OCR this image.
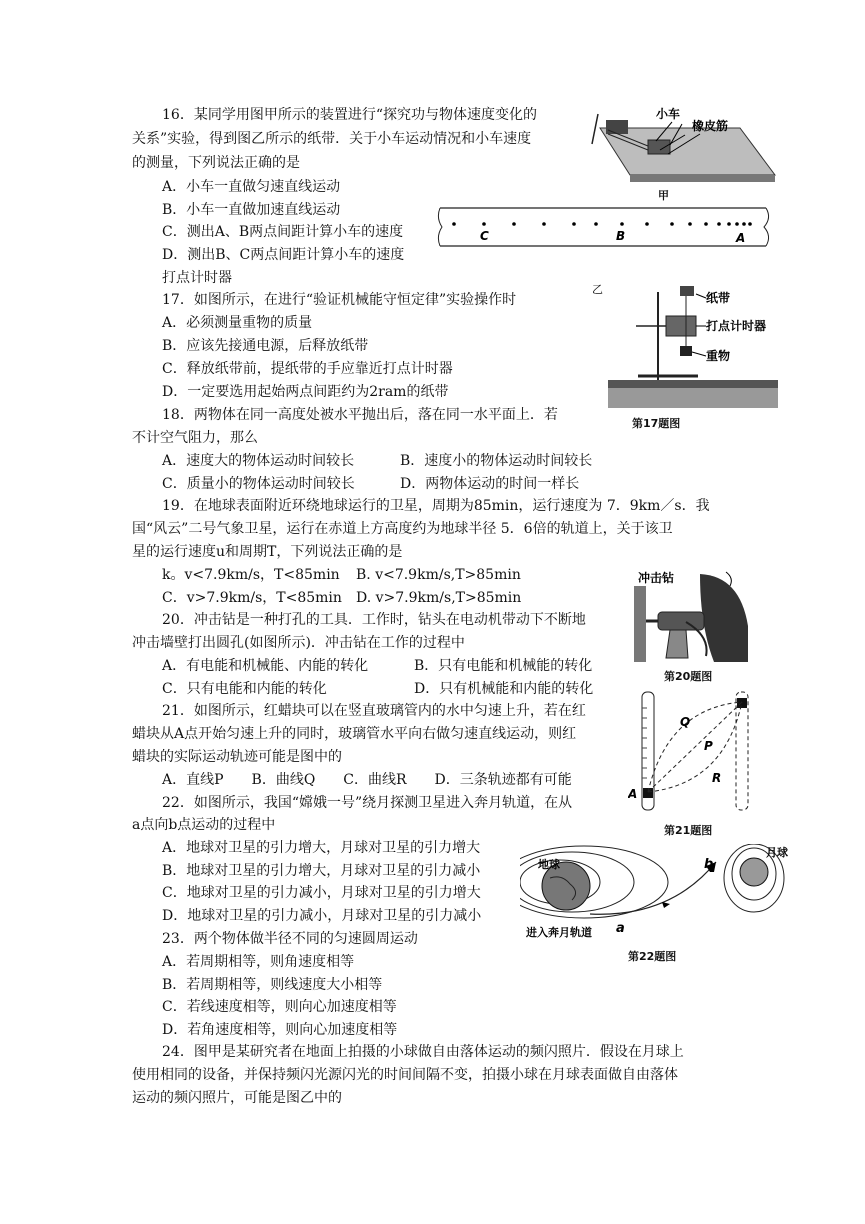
16．某同学用图甲所示的装置进行“探究功与物体速度变化的
关系”实验，得到图乙所示的纸带．关于小车运动情况和小车速度
的测量，下列说法正确的是
A．小车一直做匀速直线运动
B．小车一直做加速直线运动
C．测出A、B两点间距计算小车的速度
D．测出B、C两点间距计算小车的速度
打点计时器
小车
橡皮筋
甲
C	B	A
乙
17．如图所示，在进行“验证机械能守恒定律”实验操作时
A．必须测量重物的质量
B．应该先接通电源，后释放纸带
C．释放纸带前，提纸带的手应靠近打点计时器
D．一定要选用起始两点间距约为2ram的纸带
纸带
打点计时器
重物
第17题图
18．两物体在同一高度处被水平抛出后，落在同一水平面上．若
不计空气阻力，那么
A．速度大的物体运动时间较长	B．速度小的物体运动时间较长
C．质量小的物体运动时间较长	D．两物体运动的时间一样长
19．在地球表面附近环绕地球运行的卫星，周期为85min，运行速度为 7．9km／s．我
国“风云”二号气象卫星，运行在赤道上方高度约为地球半径 5．6倍的轨道上，关于该卫
星的运行速度u和周期T，下列说法正确的是
k。v<7.9km/s，T<85min B. v<7.9km/s,T>85min
C．v>7.9km/s，T<85min D. v>7.9km/s,T>85min
20．冲击钻是一种打孔的工具．工作时，钻头在电动机带动下不断地
冲击墙壁打出圆孔(如图所示)．冲击钻在工作的过程中
A．有电能和机械能、内能的转化	B．只有电能和机械能的转化
C．只有电能和内能的转化	D．只有机械能和内能的转化
冲击钻
第20题图
21．如图所示，红蜡块可以在竖直玻璃管内的水中匀速上升，若在红
蜡块从A点开始匀速上升的同时，玻璃管水平向右做匀速直线运动，则红
蜡块的实际运动轨迹可能是图中的
A．直线P　　B．曲线Q　　C．曲线R　　D．三条轨迹都有可能
Q
P
R
A
第21题图
22．如图所示，我国“嫦娥一号”绕月探测卫星进入奔月轨道，在从
a点向b点运动的过程中
A．地球对卫星的引力增大，月球对卫星的引力增大
B．地球对卫星的引力增大，月球对卫星的引力减小
C．地球对卫星的引力减小，月球对卫星的引力增大
D．地球对卫星的引力减小，月球对卫星的引力减小
地球
月球
b
a
进入奔月轨道
第22题图
23．两个物体做半径不同的匀速圆周运动
A．若周期相等，则角速度相等
B．若周期相等，则线速度大小相等
C．若线速度相等，则向心加速度相等
D．若角速度相等，则向心加速度相等
24．图甲是某研究者在地面上拍摄的小球做自由落体运动的频闪照片．假设在月球上
使用相同的设备，并保持频闪光源闪光的时间间隔不变，拍摄小球在月球表面做自由落体
运动的频闪照片，可能是图乙中的
